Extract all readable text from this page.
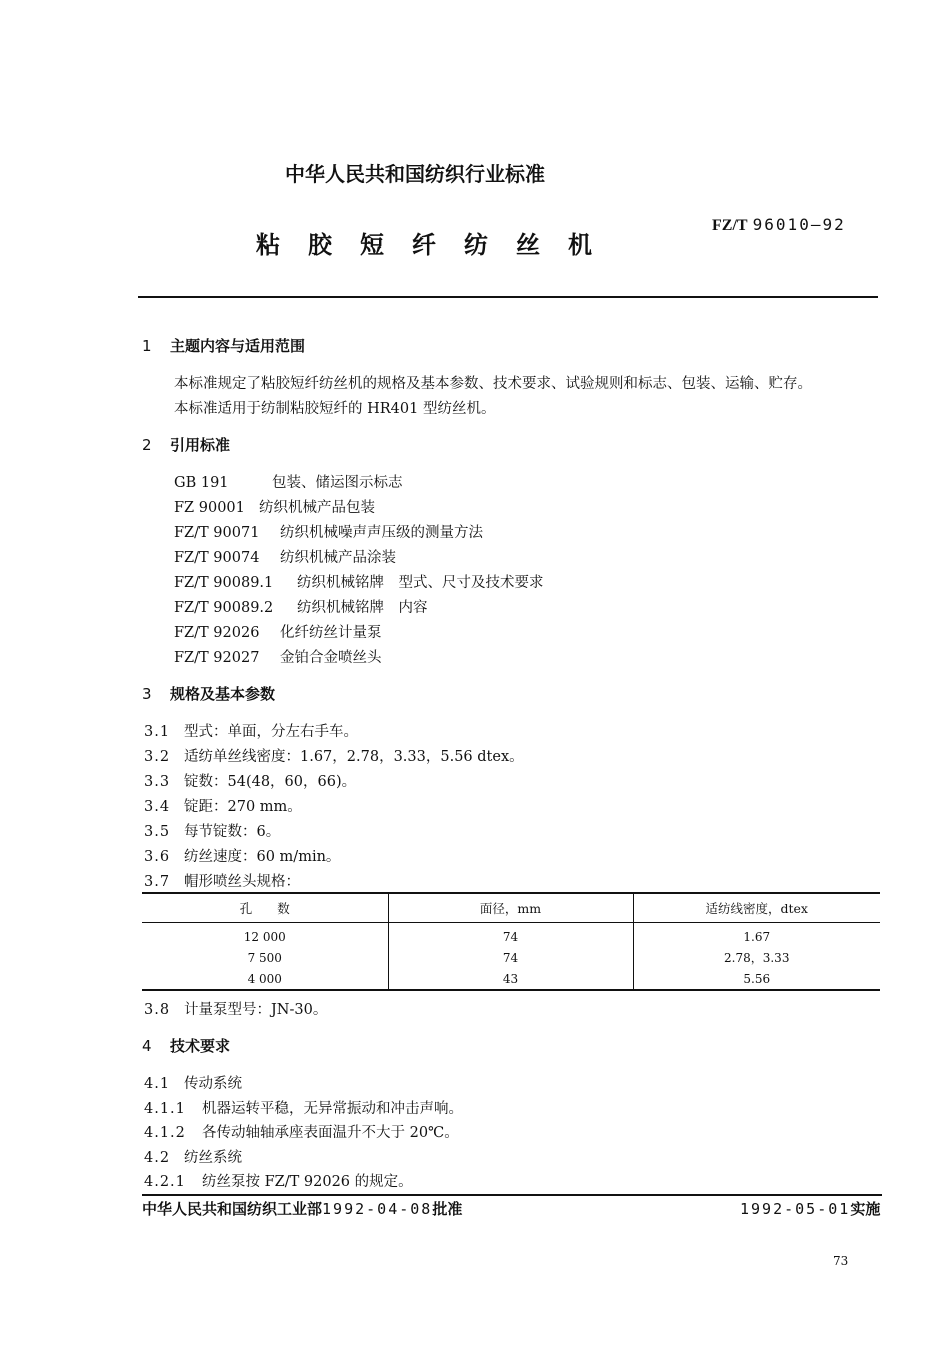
中华人民共和国纺织行业标准
粘胶短纤纺丝机
FZ/T 96010—92
1 主题内容与适用范围
本标准规定了粘胶短纤纺丝机的规格及基本参数、技术要求、试验规则和标志、包装、运输、贮存。
本标准适用于纺制粘胶短纤的 HR401 型纺丝机。
2 引用标准
GB 191	包装、储运图示标志
FZ 90001 纺织机械产品包装
FZ/T 90071 纺织机械噪声声压级的测量方法
FZ/T 90074 纺织机械产品涂装
FZ/T 90089.1 纺织机械铭牌　型式、尺寸及技术要求
FZ/T 90089.2 纺织机械铭牌　内容
FZ/T 92026 化纤纺丝计量泵
FZ/T 92027 金铂合金喷丝头
3 规格及基本参数
3.1 型式：单面，分左右手车。
3.2 适纺单丝线密度：1.67，2.78，3.33，5.56 dtex。
3.3 锭数：54(48，60，66)。
3.4 锭距：270 mm。
3.5 每节锭数：6。
3.6 纺丝速度：60 m/min。
3.7 帽形喷丝头规格：
孔　　数	面径，mm	适纺线密度，dtex
12 000	74	1.67
7 500	74	2.78，3.33
4 000	43	5.56
3.8 计量泵型号：JN-30。
4 技术要求
4.1 传动系统
4.1.1 机器运转平稳，无异常振动和冲击声响。
4.1.2 各传动轴轴承座表面温升不大于 20℃。
4.2 纺丝系统
4.2.1 纺丝泵按 FZ/T 92026 的规定。
中华人民共和国纺织工业部1992-04-08批准	1992-05-01实施
73
